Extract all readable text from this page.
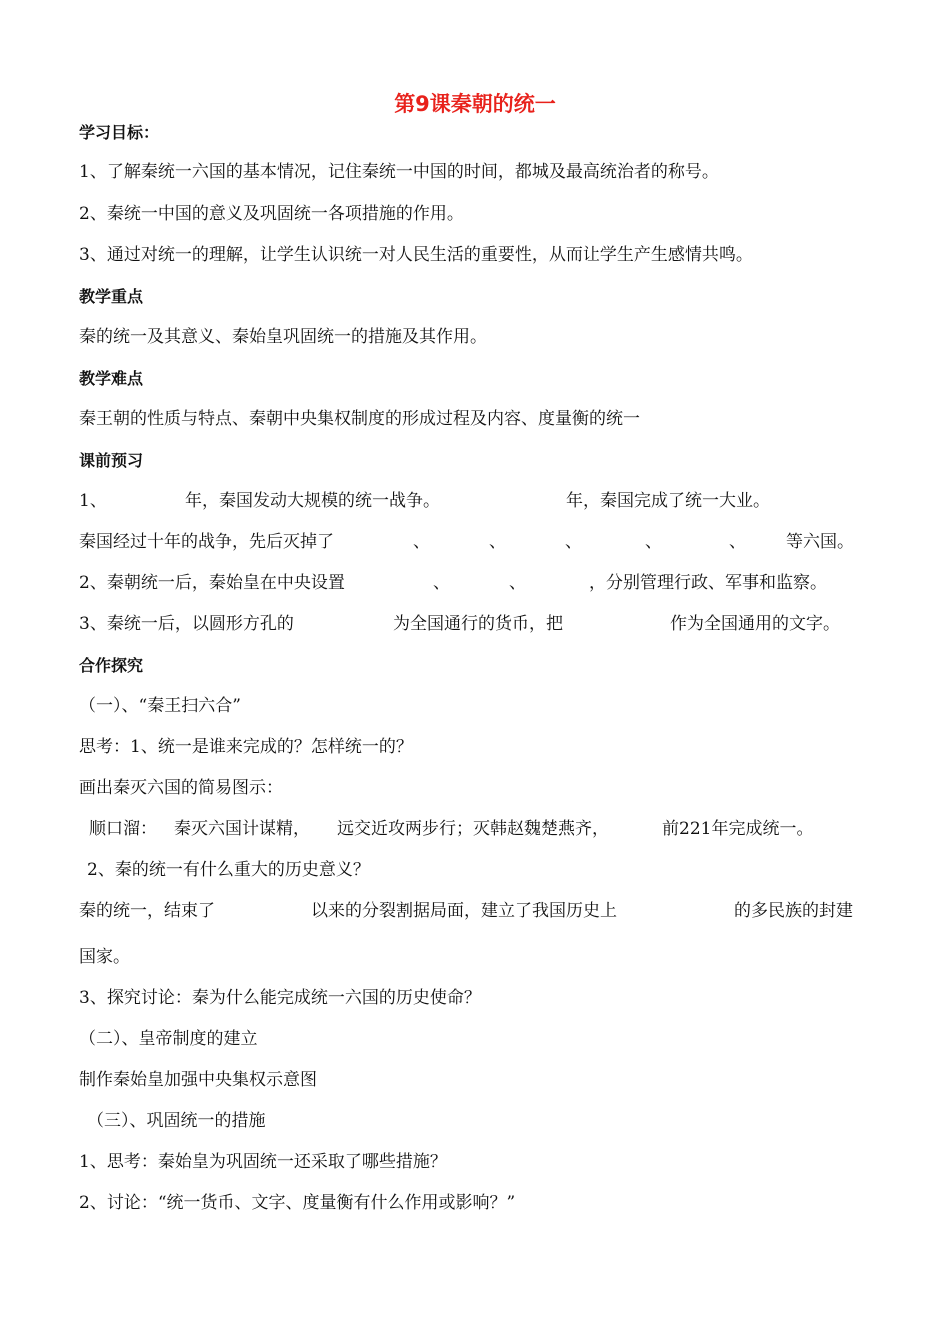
第9课秦朝的统一
学习目标：
1、了解秦统一六国的基本情况，记住秦统一中国的时间，都城及最高统治者的称号。
2、秦统一中国的意义及巩固统一各项措施的作用。
3、通过对统一的理解，让学生认识统一对人民生活的重要性，从而让学生产生感情共鸣。
教学重点
秦的统一及其意义、秦始皇巩固统一的措施及其作用。
教学难点
秦王朝的性质与特点、秦朝中央集权制度的形成过程及内容、度量衡的统一
课前预习
1、	年，秦国发动大规模的统一战争。	年，秦国完成了统一大业。
秦国经过十年的战争，先后灭掉了	、	、	、	、	、 等六国。
2、秦朝统一后，秦始皇在中央设置	、	、	，分别管理行政、军事和监察。
3、秦统一后，以圆形方孔的	为全国通行的货币，把	作为全国通用的文字。
合作探究
（一）、“秦王扫六合”
思考：1、统一是谁来完成的？怎样统一的？
画出秦灭六国的简易图示：
顺口溜： 秦灭六国计谋精， 远交近攻两步行；灭韩赵魏楚燕齐，	前221年完成统一。
2、秦的统一有什么重大的历史意义？
秦的统一，结束了	以来的分裂割据局面，建立了我国历史上	的多民族的封建
国家。
3、探究讨论：秦为什么能完成统一六国的历史使命？
（二）、皇帝制度的建立
制作秦始皇加强中央集权示意图
（三）、巩固统一的措施
1、思考：秦始皇为巩固统一还采取了哪些措施？
2、讨论：“统一货币、文字、度量衡有什么作用或影响？”
